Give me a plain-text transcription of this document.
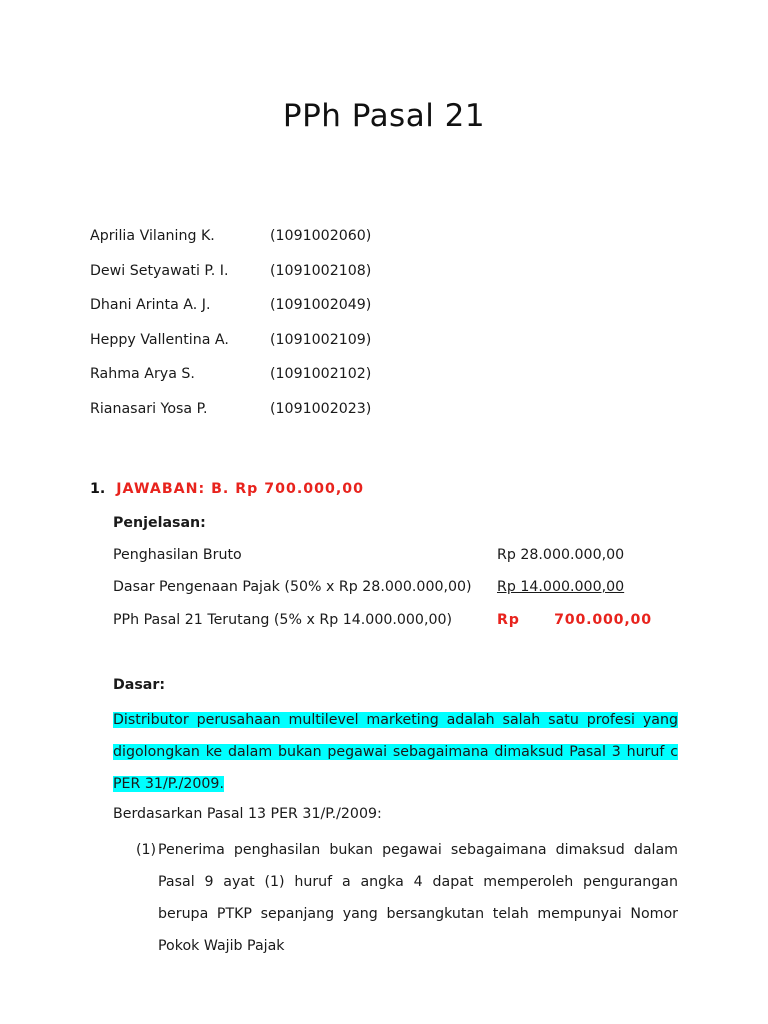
PPh Pasal 21
Aprilia Vilaning K.	(1091002060)
Dewi Setyawati P. I.	(1091002108)
Dhani Arinta A. J.	(1091002049)
Heppy Vallentina A.	(1091002109)
Rahma Arya S.	(1091002102)
Rianasari Yosa P.	(1091002023)
1. JAWABAN: B. Rp 700.000,00
Penjelasan:
Penghasilan Bruto	Rp 28.000.000,00
Dasar Pengenaan Pajak (50% x Rp 28.000.000,00) Rp 14.000.000,00
PPh Pasal 21 Terutang (5% x Rp 14.000.000,00)	Rp      700.000,00
Dasar:
Distributor perusahaan multilevel marketing adalah salah satu profesi yang digolongkan ke dalam bukan pegawai sebagaimana dimaksud Pasal 3 huruf c PER 31/P./2009.
Berdasarkan Pasal 13 PER 31/P./2009:
(1) Penerima penghasilan bukan pegawai sebagaimana dimaksud dalam Pasal 9 ayat (1) huruf a angka 4 dapat memperoleh pengurangan berupa PTKP sepanjang yang bersangkutan telah mempunyai Nomor Pokok Wajib Pajak
